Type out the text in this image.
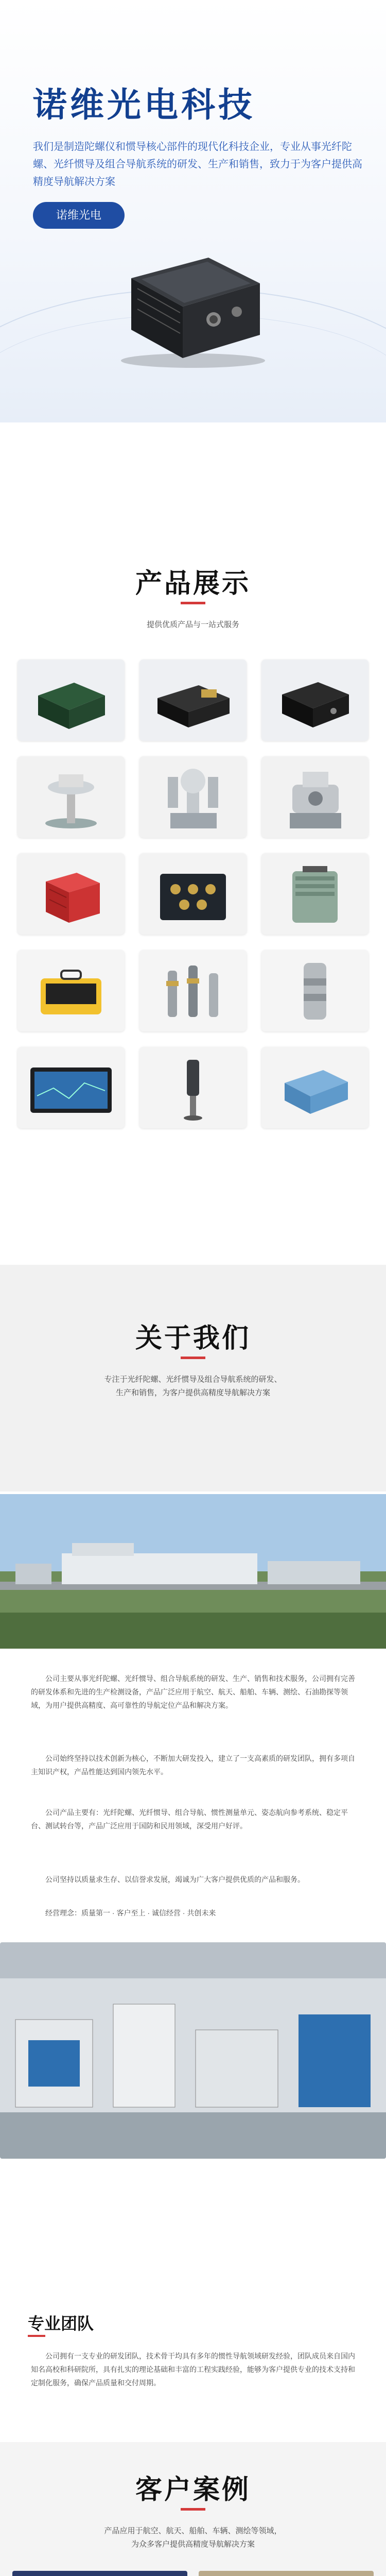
诺维光电科技
我们是制造陀螺仪和惯导核心部件的现代化科技企业，专业从事光纤陀螺、光纤惯导及组合导航系统的研发、生产和销售，致力于为客户提供高精度导航解决方案
诺维光电
产品展示
提供优质产品与一站式服务
关于我们
专注于光纤陀螺、光纤惯导及组合导航系统的研发、
生产和销售，为客户提供高精度导航解决方案
公司主要从事光纤陀螺、光纤惯导、组合导航系统的研发、生产、销售和技术服务，公司拥有完善的研发体系和先进的生产检测设备，产品广泛应用于航空、航天、船舶、车辆、测绘、石油勘探等领域，为用户提供高精度、高可靠性的导航定位产品和解决方案。
公司始终坚持以技术创新为核心，不断加大研发投入，建立了一支高素质的研发团队，拥有多项自主知识产权，产品性能达到国内领先水平。
公司产品主要有：光纤陀螺、光纤惯导、组合导航、惯性测量单元、姿态航向参考系统、稳定平台、测试转台等，产品广泛应用于国防和民用领域，深受用户好评。
公司坚持以质量求生存、以信誉求发展，竭诚为广大客户提供优质的产品和服务。
经营理念：质量第一 · 客户至上 · 诚信经营 · 共创未来
专业团队
公司拥有一支专业的研发团队，技术骨干均具有多年的惯性导航领域研发经验，团队成员来自国内知名高校和科研院所，具有扎实的理论基础和丰富的工程实践经验，能够为客户提供专业的技术支持和定制化服务，确保产品质量和交付周期。
客户案例
产品应用于航空、航天、船舶、车辆、测绘等领域，
为众多客户提供高精度导航解决方案
